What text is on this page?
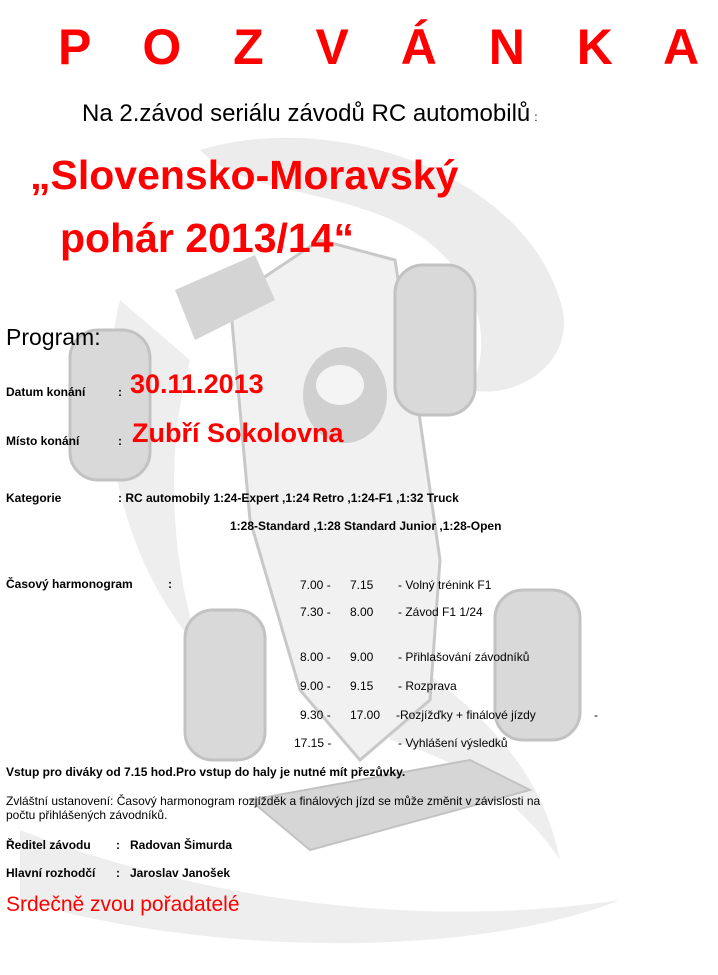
P O Z V Á N K A
Na 2.závod seriálu závodů RC automobilů :
„Slovensko-Moravský
pohár 2013/14“
Program:
Datum konání	: 30.11.2013
Místo konání	: Zubří Sokolovna
Kategorie	: RC automobily 1:24-Expert ,1:24 Retro ,1:24-F1 ,1:32 Truck
1:28-Standard ,1:28 Standard Junior ,1:28-Open
Časový harmonogram	:	7.00 - 7.15 - Volný trénink F1
7.30 - 8.00 - Závod F1 1/24
8.00 - 9.00 - Přihlašování závodníků
9.00 - 9.15 - Rozprava
9.30 - 17.00 -Rozjížďky + finálové jízdy	-
17.15 -	- Vyhlášení výsledků
Vstup pro diváky od 7.15 hod.Pro vstup do haly je nutné mít přezůvky.
Zvláštní ustanovení: Časový harmonogram rozjížděk a finálových jízd se může změnit v závislosti na
počtu přihlášených závodníků.
Ředitel závodu : Radovan Šimurda
Hlavní rozhodčí : Jaroslav Janošek
Srdečně zvou pořadatelé
